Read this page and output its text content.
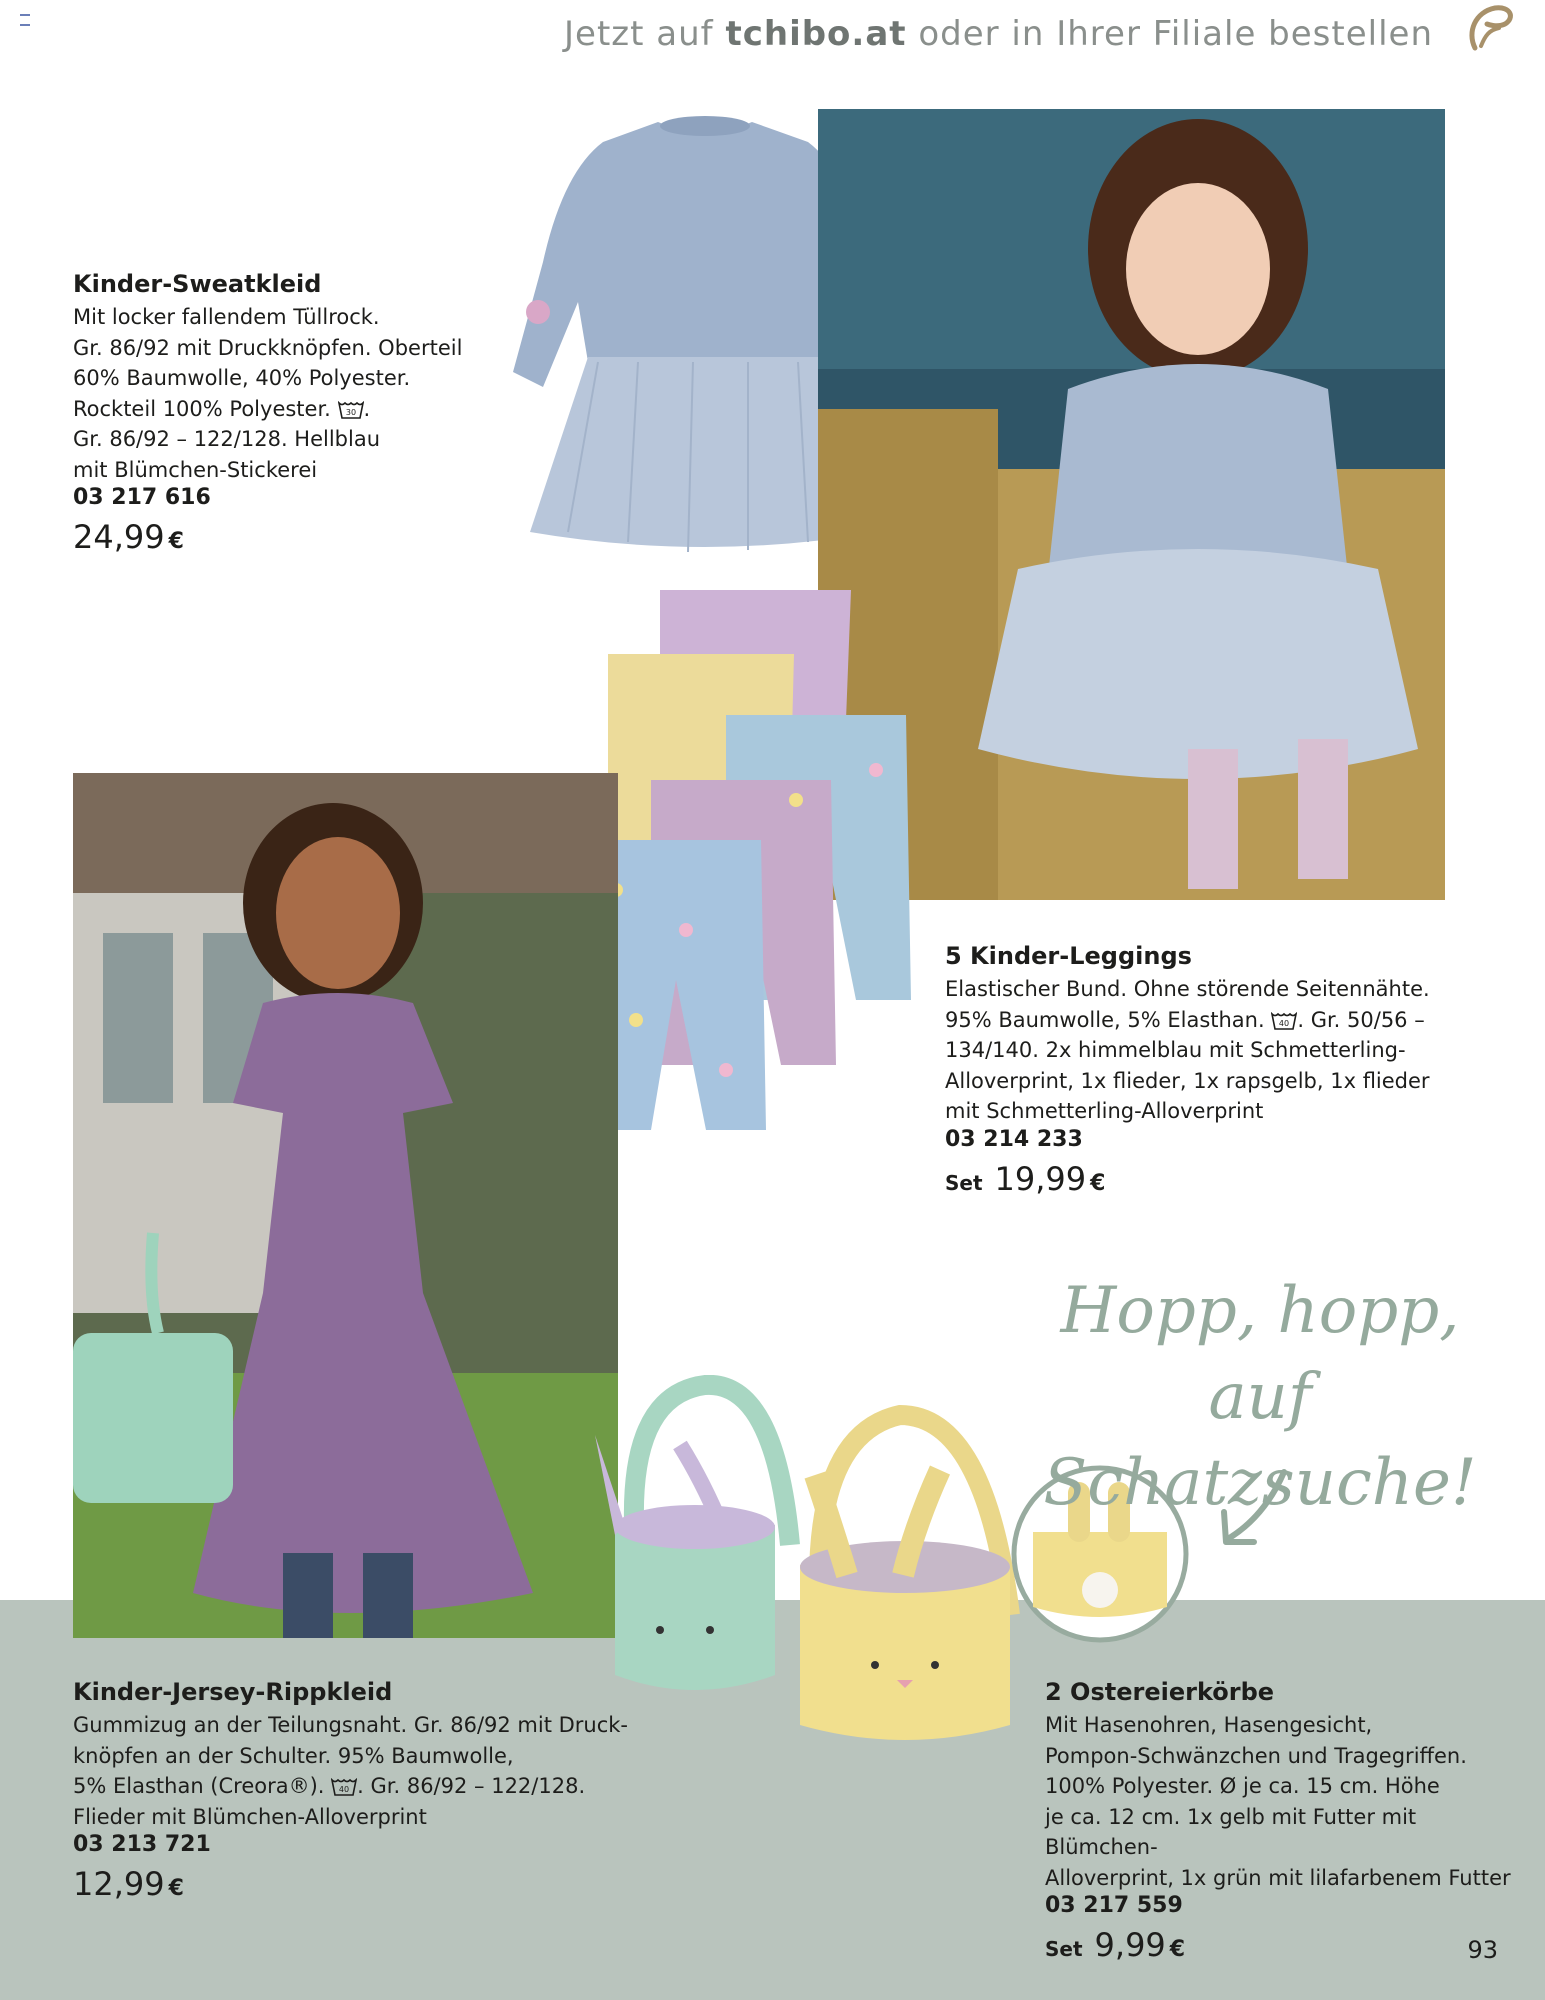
Jetzt auf tchibo.at oder in Ihrer Filiale bestellen
Hopp, hopp, auf
Schatzsuche!
Kinder-Sweatkleid
Mit locker fallendem Tüllrock.
Gr. 86/92 mit Druckknöpfen. Oberteil
60% Baumwolle, 40% Polyester.
Rockteil 100% Polyester. 30 .
Gr. 86/92 – 122/128. Hellblau
mit Blümchen-Stickerei
03 217 616
24,99 €
5 Kinder-Leggings
Elastischer Bund. Ohne störende Seitennähte.
95% Baumwolle, 5% Elasthan. 40 . Gr. 50/56 –
134/140. 2x himmelblau mit Schmetterling-
Alloverprint, 1x flieder, 1x rapsgelb, 1x flieder
mit Schmetterling-Alloverprint
03 214 233
Set 19,99 €
Kinder-Jersey-Rippkleid
Gummizug an der Teilungsnaht. Gr. 86/92 mit Druck-
knöpfen an der Schulter. 95% Baumwolle,
5% Elasthan (Creora®). 40 . Gr. 86/92 – 122/128.
Flieder mit Blümchen-Alloverprint
03 213 721
12,99 €
2 Ostereierkörbe
Mit Hasenohren, Hasengesicht,
Pompon-Schwänzchen und Tragegriffen.
100% Polyester. Ø je ca. 15 cm. Höhe
je ca. 12 cm. 1x gelb mit Futter mit Blümchen-
Alloverprint, 1x grün mit lilafarbenem Futter
03 217 559
Set 9,99 €	93
